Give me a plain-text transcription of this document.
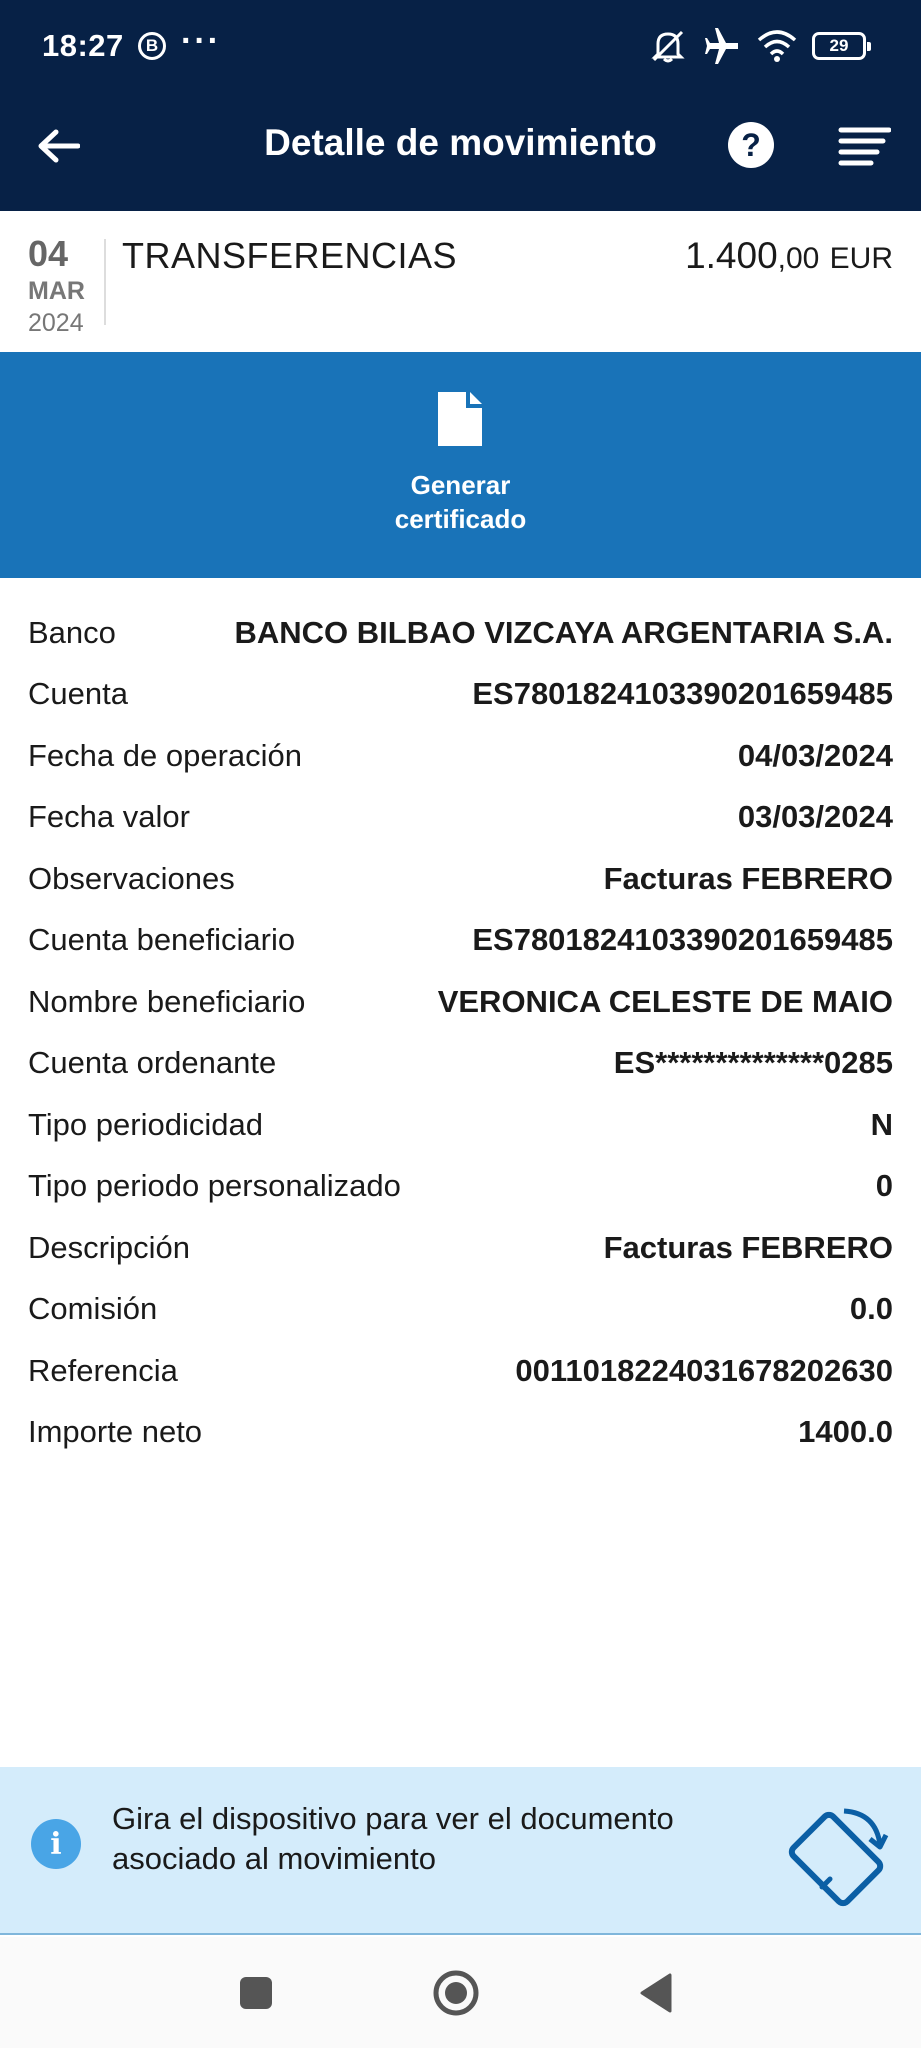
18:27	B ···	29
Detalle de movimiento	?
04
MAR
2024
TRANSFERENCIAS	1.400,00 EUR
Generar
certificado
Banco	BANCO BILBAO VIZCAYA ARGENTARIA S.A.
Cuenta	ES7801824103390201659485
Fecha de operación	04/03/2024
Fecha valor	03/03/2024
Observaciones	Facturas FEBRERO
Cuenta beneficiario	ES7801824103390201659485
Nombre beneficiario	VERONICA CELESTE DE MAIO
Cuenta ordenante	ES**************0285
Tipo periodicidad	N
Tipo periodo personalizado	0
Descripción	Facturas FEBRERO
Comisión	0.0
Referencia	00110182240316782026​30
Importe neto	1400.0
i
Gira el dispositivo para ver el documento
asociado al movimiento
